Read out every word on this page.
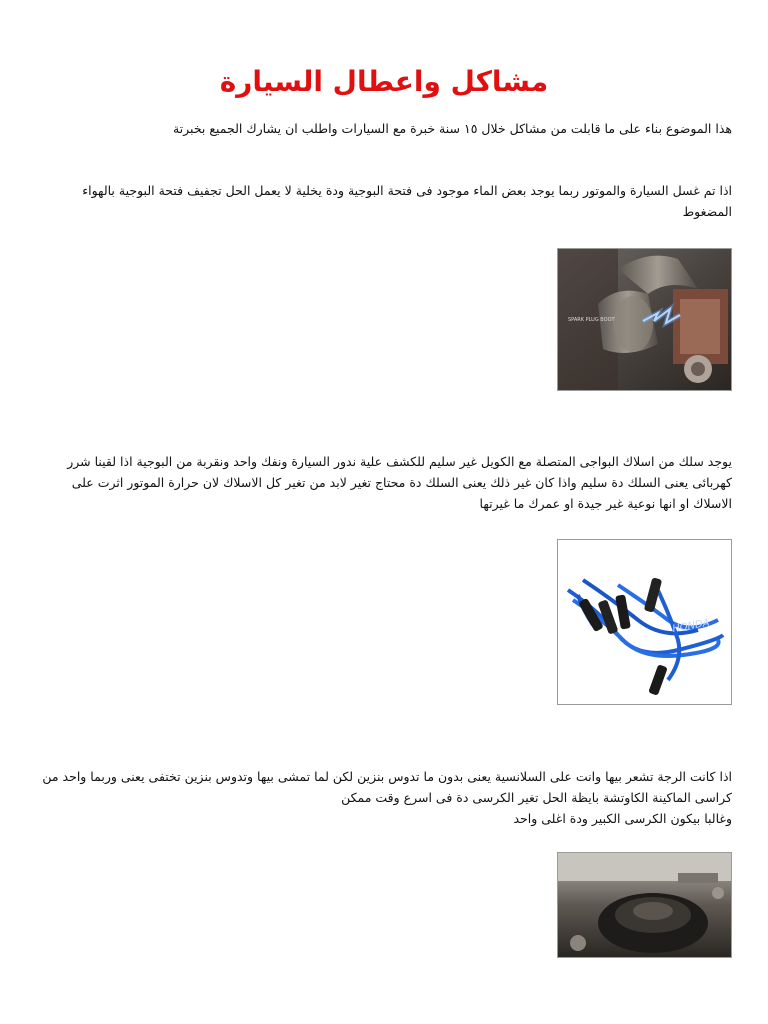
مشاكل واعطال السيارة

هذا الموضوع بناء على ما قابلت من مشاكل خلال ١٥ سنة خبرة مع السيارات واطلب ان يشارك الجميع بخبرتة

اذا تم غسل السيارة والموتور ربما يوجد بعض الماء موجود فى فتحة البوجية ودة يخلية لا يعمل الحل تجفيف فتحة البوجية بالهواء المضغوط

SPARK PLUG BOOT

يوجد سلك من اسلاك البواجى المتصلة مع الكويل غير سليم للكشف علية ندور السيارة ونفك واحد ونقربة من البوجية اذا لقينا شرر كهربائى يعنى السلك دة سليم واذا كان غير ذلك يعنى السلك دة محتاج تغير لابد من تغير كل الاسلاك لان حرارة الموتور اثرت على الاسلاك او انها نوعية غير جيدة او عمرك ما غيرتها

HONDA

اذا كانت الرجة تشعر بيها وانت على السلانسية يعنى بدون ما تدوس بنزين لكن لما تمشى بيها وتدوس بنزين تختفى يعنى وربما واحد من كراسى الماكينة الكاوتشة بايظة الحل تغير الكرسى دة فى اسرع وقت ممكن
وغالبا بيكون الكرسى الكبير ودة اغلى واحد
